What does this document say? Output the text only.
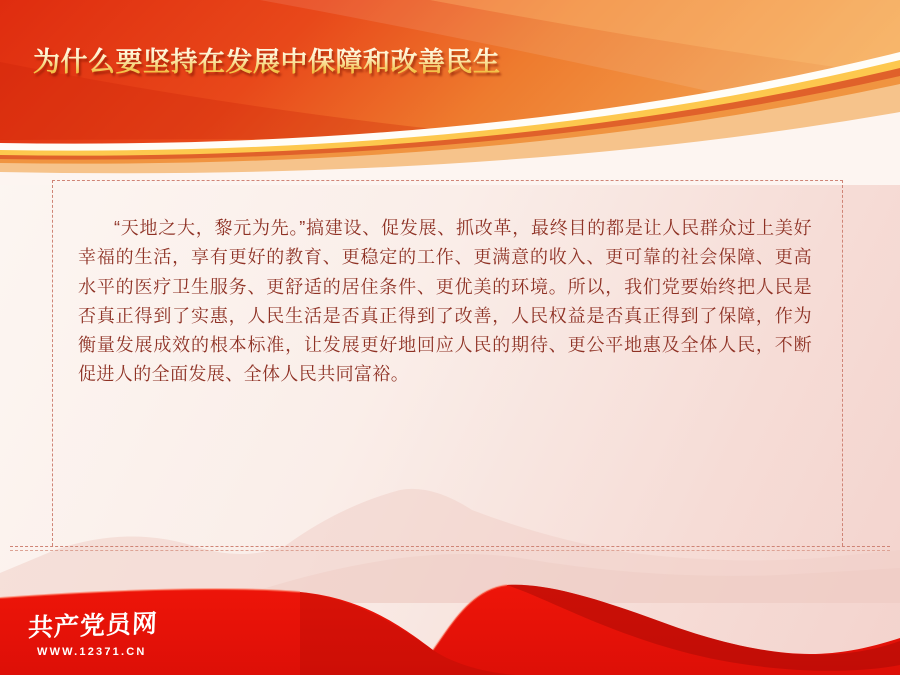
为什么要坚持在发展中保障和改善民生

“天地之大，黎元为先。”搞建设、促发展、抓改革，最终目的都是让人民群众过上美好幸福的生活，享有更好的教育、更稳定的工作、更满意的收入、更可靠的社会保障、更高水平的医疗卫生服务、更舒适的居住条件、更优美的环境。所以，我们党要始终把人民是否真正得到了实惠，人民生活是否真正得到了改善，人民权益是否真正得到了保障，作为衡量发展成效的根本标准，让发展更好地回应人民的期待、更公平地惠及全体人民，不断促进人的全面发展、全体人民共同富裕。

共产党员网
WWW.12371.CN
